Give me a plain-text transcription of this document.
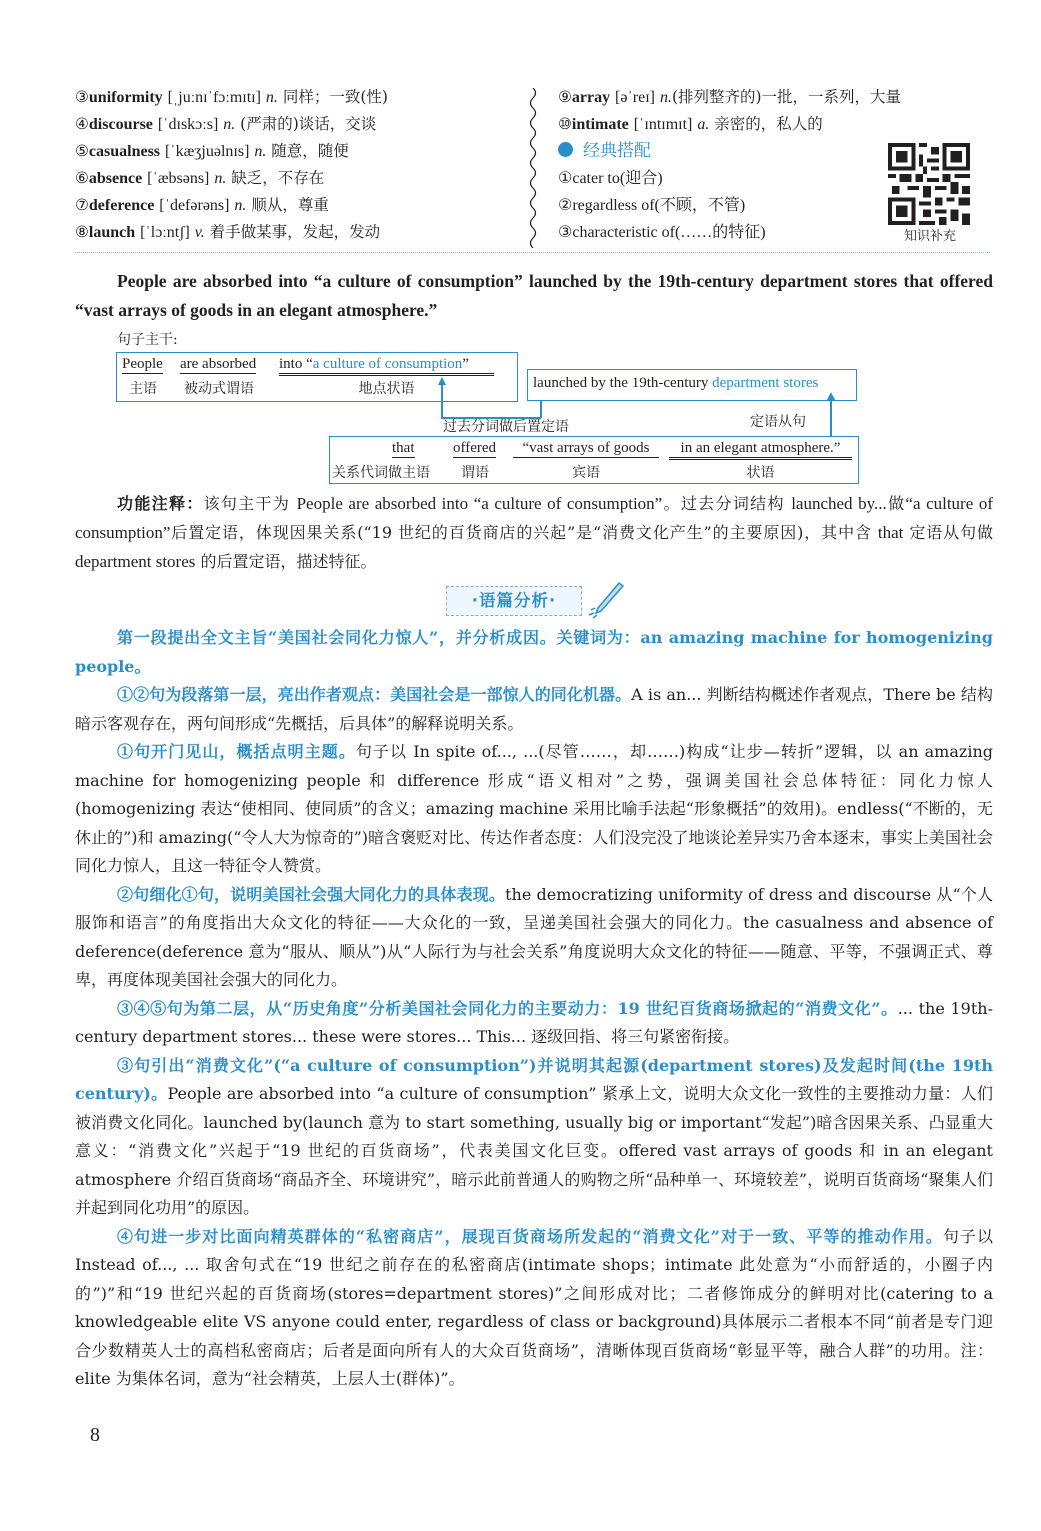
③uniformity [ˌjuːnɪˈfɔːmɪtɪ] n. 同样；一致(性)
④discourse [ˈdɪskɔːs] n. (严肃的)谈话，交谈
⑤casualness [ˈkæʒjuəlnɪs] n. 随意，随便
⑥absence [ˈæbsəns] n. 缺乏，不存在
⑦deference [ˈdefərəns] n. 顺从，尊重
⑧launch [ˈlɔːntʃ] v. 着手做某事，发起，发动
⑨array [əˈreɪ] n.(排列整齐的)一批，一系列，大量
⑩intimate [ˈɪntɪmɪt] a. 亲密的，私人的
经典搭配
①cater to(迎合)
②regardless of(不顾，不管)
③characteristic of(……的特征)	知识补充
People are absorbed into “a culture of consumption” launched by the 19th-century department stores that offered “vast arrays of goods in an elegant atmosphere.”
句子主干:
People
主语
are absorbed
被动式谓语
into “a culture of consumption”
地点状语	launched by the 19th-century department stores
过去分词做后置定语	定语从句
that
关系代词做主语
offered
谓语
“vast arrays of goods
宾语
in an elegant atmosphere.”
状语
功能注释：该句主干为 People are absorbed into “a culture of consumption”。过去分词结构 launched by...做“a culture of consumption”后置定语，体现因果关系(“19 世纪的百货商店的兴起”是“消费文化产生”的主要原因)，其中含 that 定语从句做 department stores 的后置定语，描述特征。
·语篇分析·

第一段提出全文主旨“美国社会同化力惊人”，并分析成因。关键词为：an amazing machine for homogenizing people。

①②句为段落第一层，亮出作者观点：美国社会是一部惊人的同化机器。A is an... 判断结构概述作者观点，There be 结构暗示客观存在，两句间形成“先概括，后具体”的解释说明关系。

①句开门见山，概括点明主题。句子以 In spite of..., ...(尽管……，却……)构成“让步—转折”逻辑，以 an amazing machine for homogenizing people 和 difference 形成“语义相对”之势，强调美国社会总体特征：同化力惊人(homogenizing 表达“使相同、使同质”的含义；amazing machine 采用比喻手法起“形象概括”的效用)。endless(“不断的，无休止的”)和 amazing(“令人大为惊奇的”)暗含褒贬对比、传达作者态度：人们没完没了地谈论差异实乃舍本逐末，事实上美国社会同化力惊人，且这一特征令人赞赏。

②句细化①句，说明美国社会强大同化力的具体表现。the democratizing uniformity of dress and discourse 从“个人服饰和语言”的角度指出大众文化的特征——大众化的一致，呈递美国社会强大的同化力。the casualness and absence of deference(deference 意为“服从、顺从”)从“人际行为与社会关系”角度说明大众文化的特征——随意、平等，不强调正式、尊卑，再度体现美国社会强大的同化力。

③④⑤句为第二层，从“历史角度”分析美国社会同化力的主要动力：19 世纪百货商场掀起的“消费文化”。... the 19th-century department stores... these were stores... This... 逐级回指、将三句紧密衔接。

③句引出“消费文化”(“a culture of consumption”)并说明其起源(department stores)及发起时间(the 19th century)。People are absorbed into “a culture of consumption” 紧承上文，说明大众文化一致性的主要推动力量：人们被消费文化同化。launched by(launch 意为 to start something, usually big or important“发起”)暗含因果关系、凸显重大意义：“消费文化”兴起于“19 世纪的百货商场”，代表美国文化巨变。offered vast arrays of goods 和 in an elegant atmosphere 介绍百货商场“商品齐全、环境讲究”，暗示此前普通人的购物之所“品种单一、环境较差”，说明百货商场“聚集人们并起到同化功用”的原因。

④句进一步对比面向精英群体的“私密商店”，展现百货商场所发起的“消费文化”对于一致、平等的推动作用。句子以 Instead of..., ... 取舍句式在“19 世纪之前存在的私密商店(intimate shops；intimate 此处意为“小而舒适的，小圈子内的”)”和“19 世纪兴起的百货商场(stores=department stores)”之间形成对比；二者修饰成分的鲜明对比(catering to a knowledgeable elite VS anyone could enter, regardless of class or background)具体展示二者根本不同“前者是专门迎合少数精英人士的高档私密商店；后者是面向所有人的大众百货商场”，清晰体现百货商场“彰显平等，融合人群”的功用。注：elite 为集体名词，意为“社会精英，上层人士(群体)”。

8
